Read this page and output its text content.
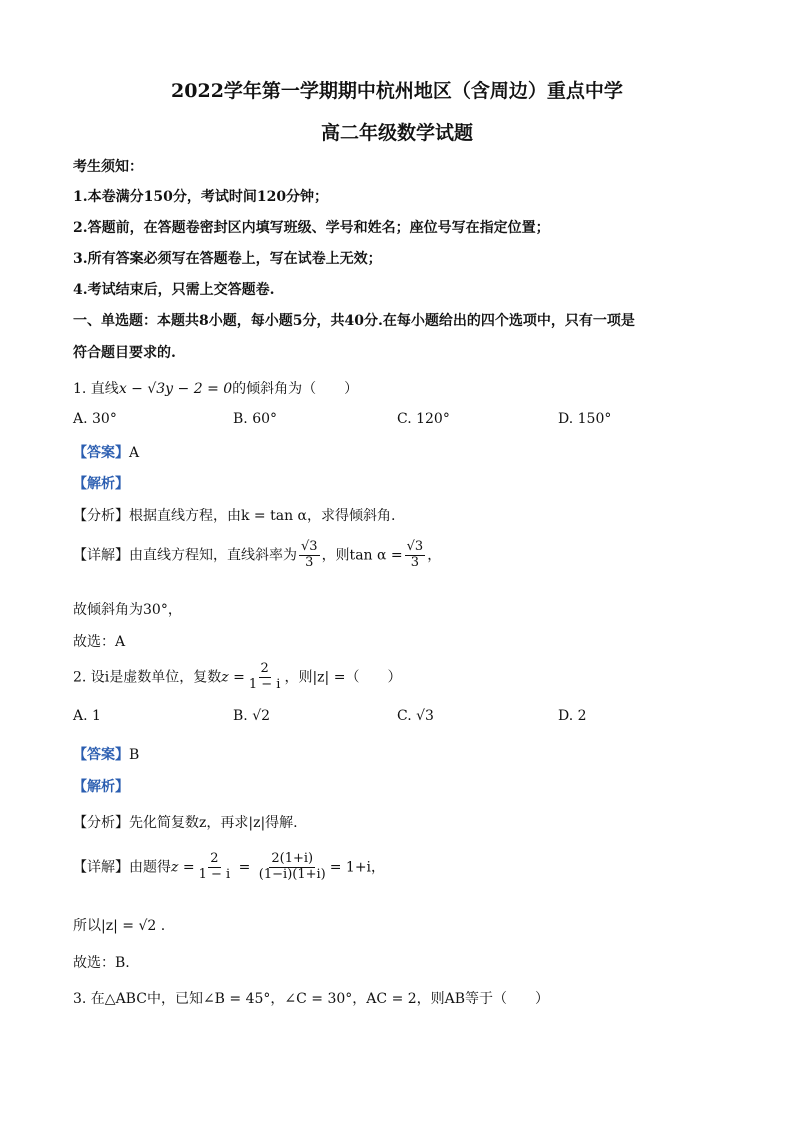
2022学年第一学期期中杭州地区（含周边）重点中学
高二年级数学试题
考生须知：
1.本卷满分150分，考试时间120分钟；
2.答题前，在答题卷密封区内填写班级、学号和姓名；座位号写在指定位置；
3.所有答案必须写在答题卷上，写在试卷上无效；
4.考试结束后，只需上交答题卷.
一、单选题：本题共8小题，每小题5分，共40分.在每小题给出的四个选项中，只有一项是
符合题目要求的.
1. 直线x − √3y − 2 = 0的倾斜角为（　　）
A. 30°	B. 60°	C. 120°	D. 150°
【答案】A
【解析】
【分析】根据直线方程，由k = tan α，求得倾斜角.
【详解】由直线方程知，直线斜率为 $\frac{√3}{3}$ ，则$\tan \alpha = \frac{√3}{3}$ ，
故倾斜角为30°，
故选：A
2. 设i是虚数单位，复数$z = \frac{2}{1 - i}$ ，则|z| =（　　）
A. 1	B. √2	C. √3	D. 2
【答案】B
【解析】
【分析】先化简复数z，再求|z|得解.
【详解】由题得$z = \frac{2}{1 - i} = \frac{2(1+i)}{(1-i)(1+i)} = 1+i$，
所以|z| = √2 .
故选：B.
3. 在△ABC中，已知∠B = 45°，∠C = 30°，AC = 2，则AB等于（　　）
